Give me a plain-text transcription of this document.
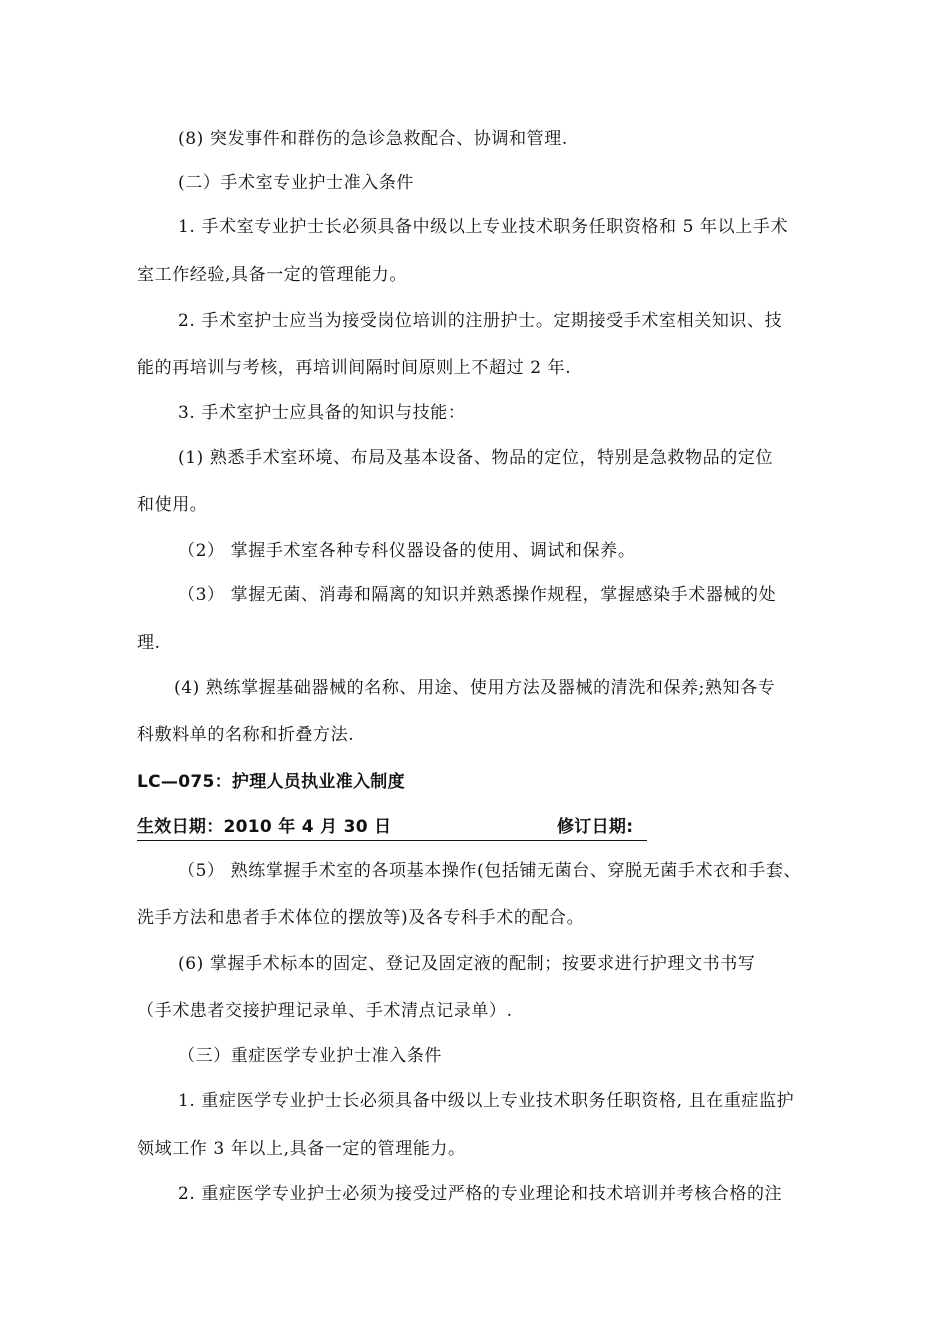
(8) 突发事件和群伤的急诊急救配合、协调和管理.
(二）手术室专业护士准入条件
1. 手术室专业护士长必须具备中级以上专业技术职务任职资格和 5 年以上手术
室工作经验,具备一定的管理能力。
2. 手术室护士应当为接受岗位培训的注册护士。定期接受手术室相关知识、技
能的再培训与考核，再培训间隔时间原则上不超过 2 年.
3. 手术室护士应具备的知识与技能：
(1) 熟悉手术室环境、布局及基本设备、物品的定位，特别是急救物品的定位
和使用。
（2） 掌握手术室各种专科仪器设备的使用、调试和保养。
（3） 掌握无菌、消毒和隔离的知识并熟悉操作规程，掌握感染手术器械的处
理.
(4) 熟练掌握基础器械的名称、用途、使用方法及器械的清洗和保养;熟知各专
科敷料单的名称和折叠方法.
LC—075：护理人员执业准入制度
生效日期：2010 年 4 月 30 日	修订日期:
（5） 熟练掌握手术室的各项基本操作(包括铺无菌台、穿脱无菌手术衣和手套、
洗手方法和患者手术体位的摆放等)及各专科手术的配合。
(6) 掌握手术标本的固定、登记及固定液的配制；按要求进行护理文书书写
（手术患者交接护理记录单、手术清点记录单）.
（三）重症医学专业护士准入条件
1. 重症医学专业护士长必须具备中级以上专业技术职务任职资格, 且在重症监护
领域工作 3 年以上,具备一定的管理能力。
2. 重症医学专业护士必须为接受过严格的专业理论和技术培训并考核合格的注
